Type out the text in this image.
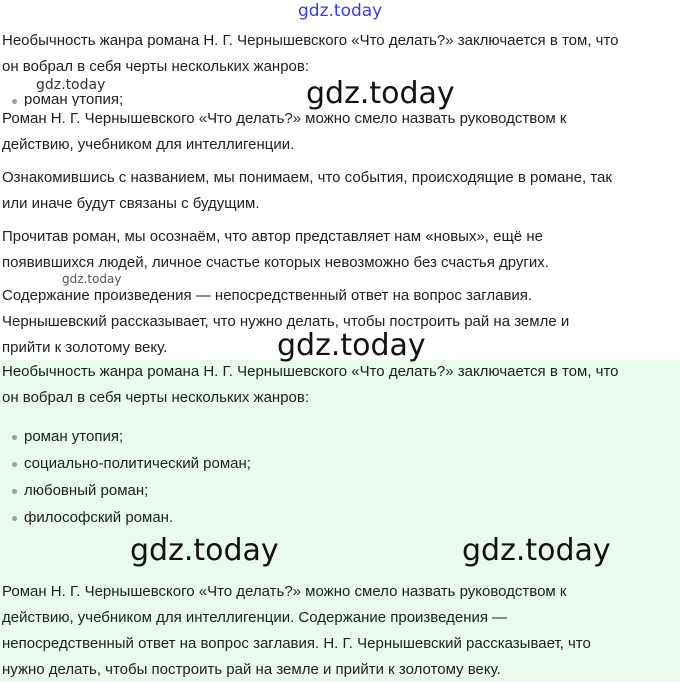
gdz.today

Необычность жанра романа Н. Г. Чернышевского «Что делать?» заключается в том, что
он вобрал в себя черты нескольких жанров:

gdz.today
роман утопия;	gdz.today

Роман Н. Г. Чернышевского «Что делать?» можно смело назвать руководством к
действию, учебником для интеллигенции.

Ознакомившись с названием, мы понимаем, что события, происходящие в романе, так
или иначе будут связаны с будущим.

Прочитав роман, мы осознаём, что автор представляет нам «новых», ещё не
появившихся людей, личное счастье которых невозможно без счастья других.

gdz.today

Содержание произведения — непосредственный ответ на вопрос заглавия.
Чернышевский рассказывает, что нужно делать, чтобы построить рай на земле и
прийти к золотому веку.	gdz.today

Необычность жанра романа Н. Г. Чернышевского «Что делать?» заключается в том, что
он вобрал в себя черты нескольких жанров:

роман утопия;
социально-политический роман;
любовный роман;
философский роман.
gdz.today	gdz.today

Роман Н. Г. Чернышевского «Что делать?» можно смело назвать руководством к
действию, учебником для интеллигенции. Содержание произведения —
непосредственный ответ на вопрос заглавия. Н. Г. Чернышевский рассказывает, что
нужно делать, чтобы построить рай на земле и прийти к золотому веку.
